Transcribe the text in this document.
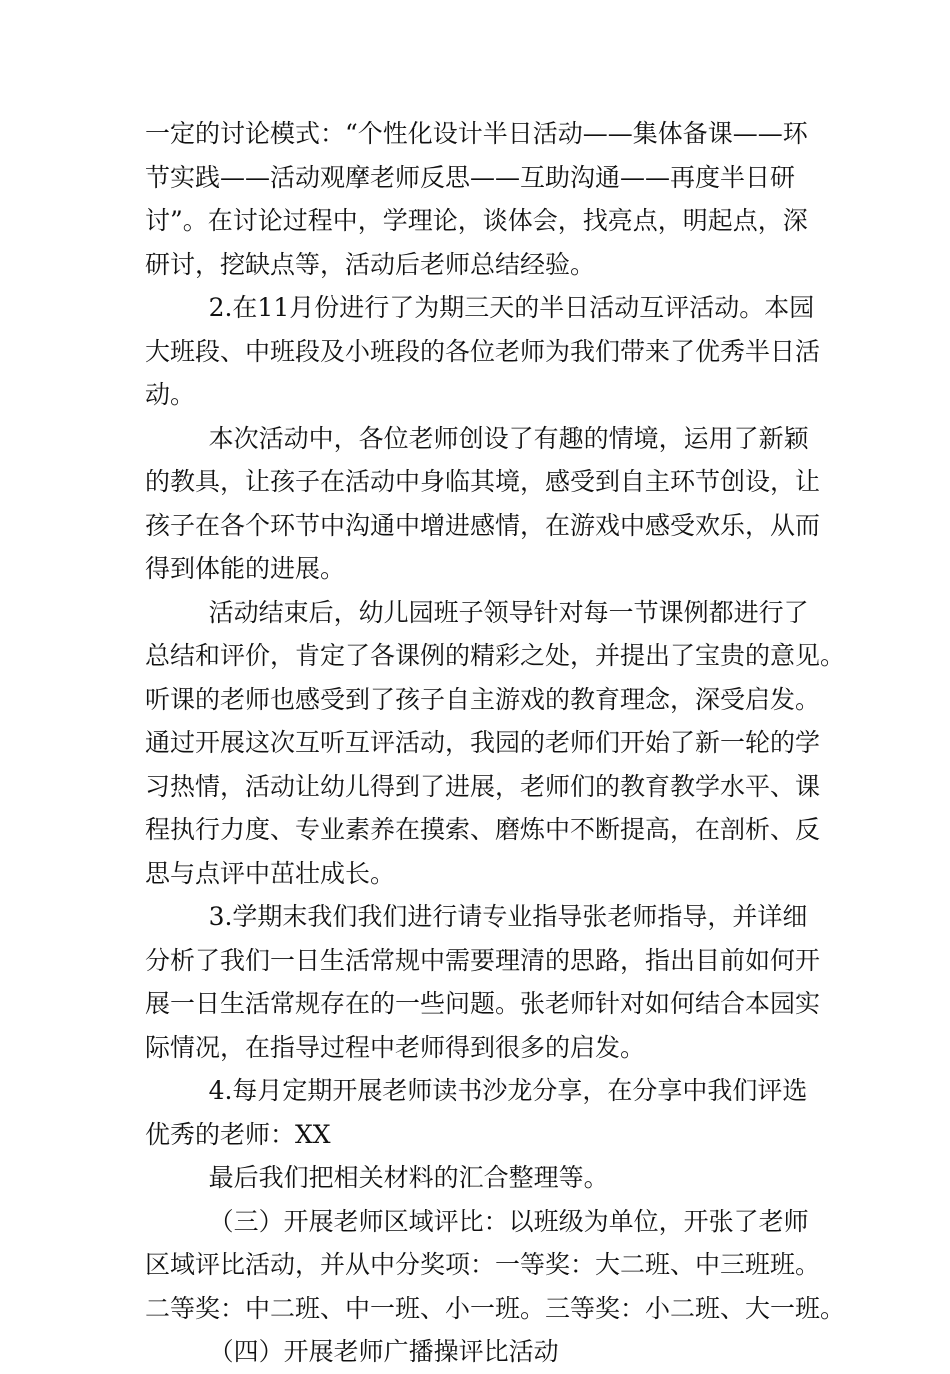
一定的讨论模式：“个性化设计半日活动——集体备课——环
节实践——活动观摩老师反思——互助沟通——再度半日研
讨”。在讨论过程中，学理论，谈体会，找亮点，明起点，深
研讨，挖缺点等，活动后老师总结经验。
2.在11月份进行了为期三天的半日活动互评活动。本园
大班段、中班段及小班段的各位老师为我们带来了优秀半日活
动。
本次活动中，各位老师创设了有趣的情境，运用了新颖
的教具，让孩子在活动中身临其境，感受到自主环节创设，让
孩子在各个环节中沟通中增进感情，在游戏中感受欢乐，从而
得到体能的进展。
活动结束后，幼儿园班子领导针对每一节课例都进行了
总结和评价，肯定了各课例的精彩之处，并提出了宝贵的意见。
听课的老师也感受到了孩子自主游戏的教育理念，深受启发。
通过开展这次互听互评活动，我园的老师们开始了新一轮的学
习热情，活动让幼儿得到了进展，老师们的教育教学水平、课
程执行力度、专业素养在摸索、磨炼中不断提高，在剖析、反
思与点评中茁壮成长。
3.学期末我们我们进行请专业指导张老师指导，并详细
分析了我们一日生活常规中需要理清的思路，指出目前如何开
展一日生活常规存在的一些问题。张老师针对如何结合本园实
际情况，在指导过程中老师得到很多的启发。
4.每月定期开展老师读书沙龙分享，在分享中我们评选
优秀的老师：XX
最后我们把相关材料的汇合整理等。
（三）开展老师区域评比：以班级为单位，开张了老师
区域评比活动，并从中分奖项：一等奖：大二班、中三班班。
二等奖：中二班、中一班、小一班。三等奖：小二班、大一班。
（四）开展老师广播操评比活动
